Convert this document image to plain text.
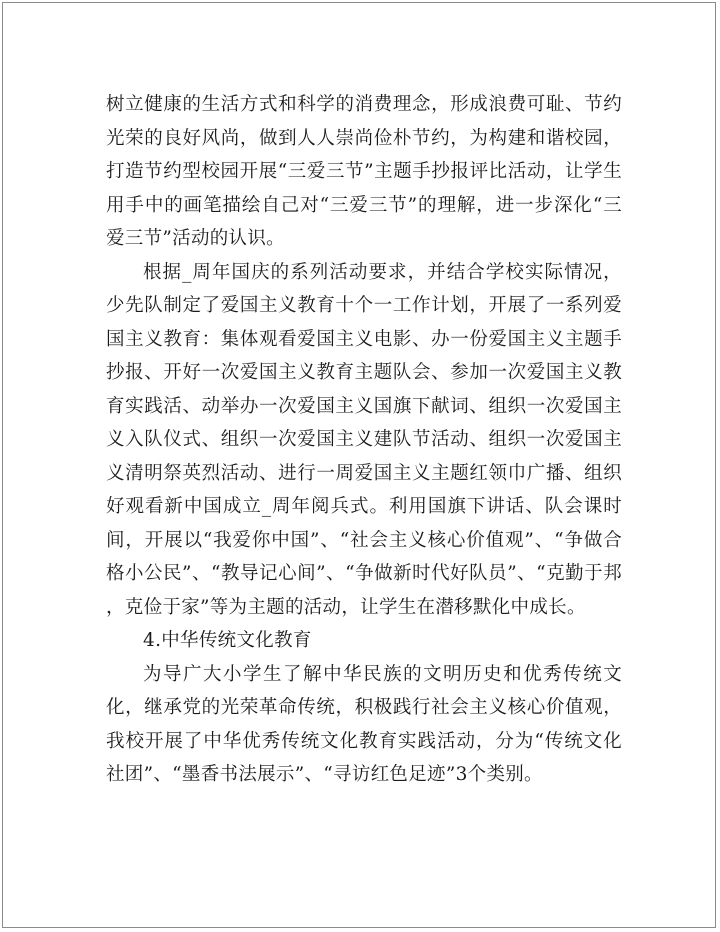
树立健康的生活方式和科学的消费理念，形成浪费可耻、节约
光荣的良好风尚，做到人人崇尚俭朴节约，为构建和谐校园，
打造节约型校园开展“三爱三节”主题手抄报评比活动，让学生
用手中的画笔描绘自己对“三爱三节”的理解，进一步深化“三
爱三节”活动的认识。
根据_周年国庆的系列活动要求，并结合学校实际情况，
少先队制定了爱国主义教育十个一工作计划，开展了一系列爱
国主义教育：集体观看爱国主义电影、办一份爱国主义主题手
抄报、开好一次爱国主义教育主题队会、参加一次爱国主义教
育实践活、动举办一次爱国主义国旗下献词、组织一次爱国主
义入队仪式、组织一次爱国主义建队节活动、组织一次爱国主
义清明祭英烈活动、进行一周爱国主义主题红领巾广播、组织
好观看新中国成立_周年阅兵式。利用国旗下讲话、队会课时
间，开展以“我爱你中国”、“社会主义核心价值观”、“争做合
格小公民”、“教导记心间”、“争做新时代好队员”、“克勤于邦
，克俭于家”等为主题的活动，让学生在潜移默化中成长。
4.中华传统文化教育
为导广大小学生了解中华民族的文明历史和优秀传统文
化，继承党的光荣革命传统，积极践行社会主义核心价值观，
我校开展了中华优秀传统文化教育实践活动，分为“传统文化
社团”、“墨香书法展示”、“寻访红色足迹”3个类别。
